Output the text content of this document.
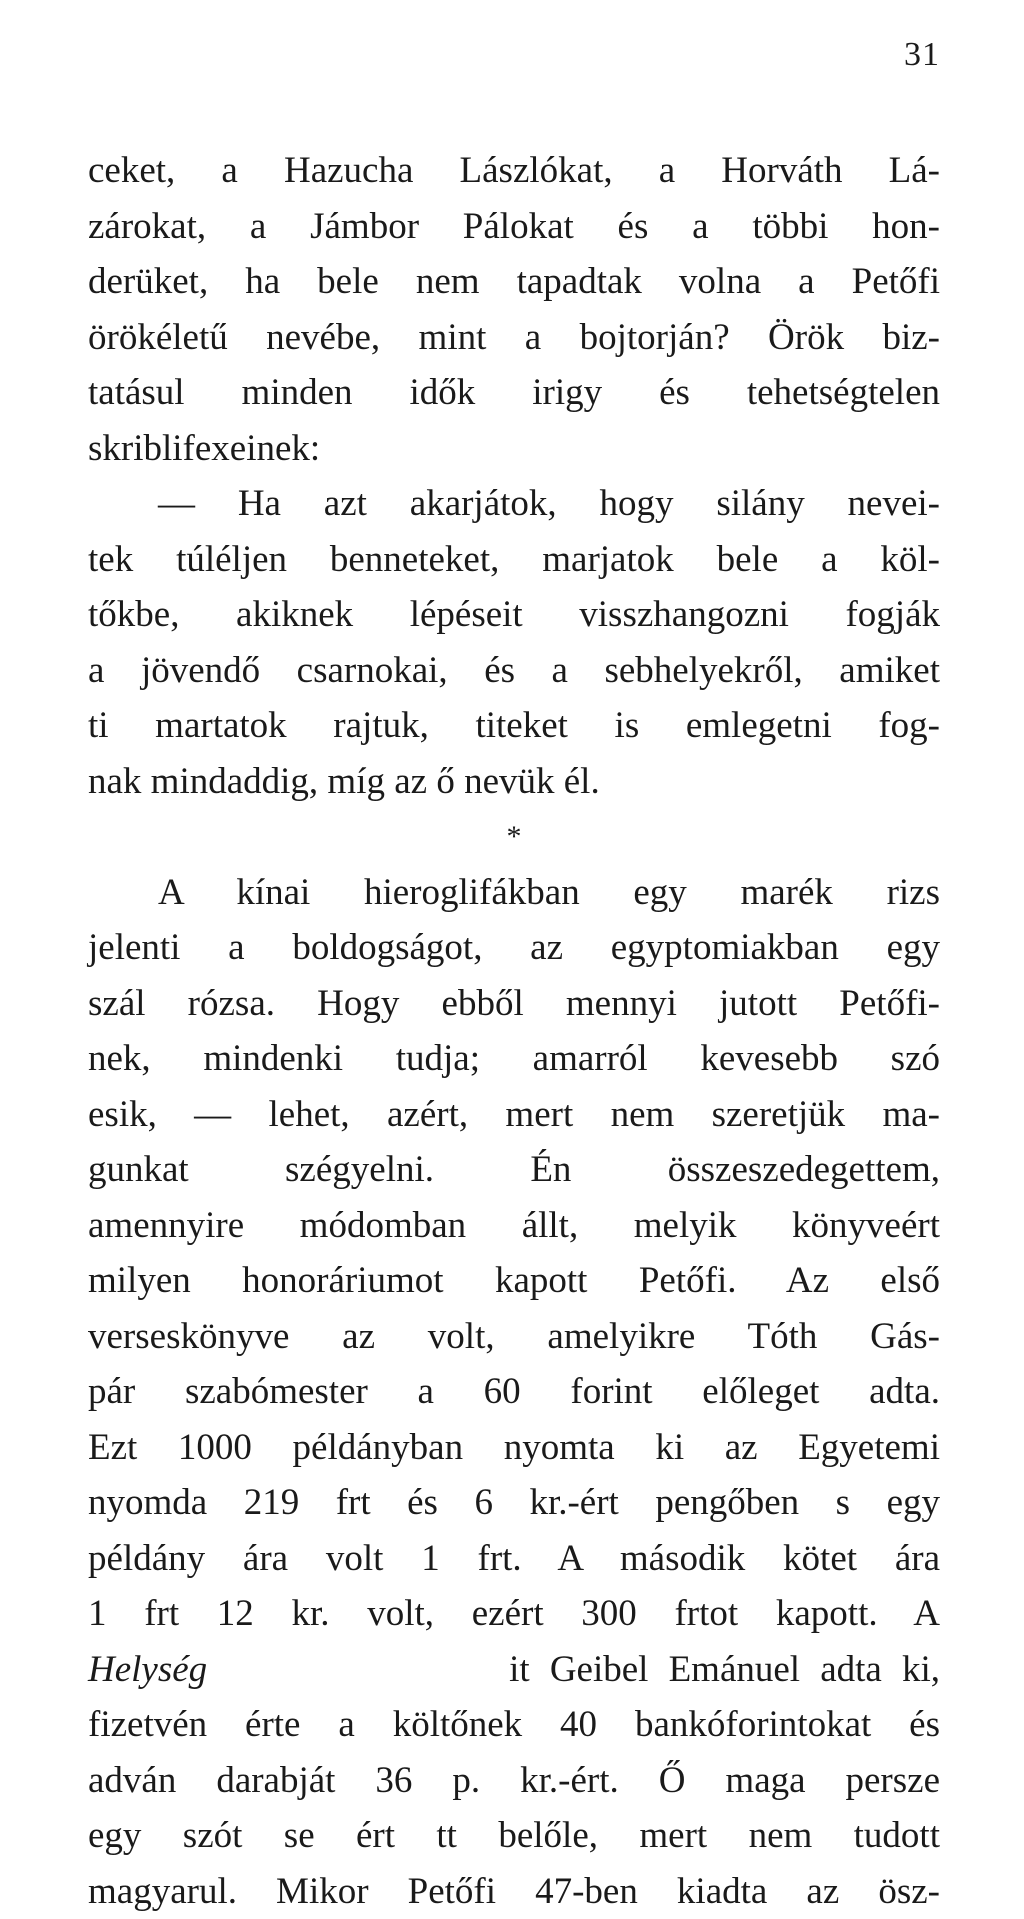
31
ceket, a Hazucha Lászlókat, a Horváth Lá-
zárokat, a Jámbor Pálokat és a többi hon-
derüket, ha bele nem tapadtak volna a Petőfi
örökéletű nevébe, mint a bojtorján? Örök biz-
tatásul minden idők irigy és tehetségtelen
skriblifexeinek:
— Ha azt akarjátok, hogy silány nevei-
tek túléljen benneteket, marjatok bele a köl-
tőkbe, akiknek lépéseit visszhangozni fogják
a jövendő csarnokai, és a sebhelyekről, amiket
ti martatok rajtuk, titeket is emlegetni fog-
nak mindaddig, míg az ő nevük él.
*
A kínai hieroglifákban egy marék rizs
jelenti a boldogságot, az egyptomiakban egy
szál rózsa. Hogy ebből mennyi jutott Petőfi-
nek, mindenki tudja; amarról kevesebb szó
esik, — lehet, azért, mert nem szeretjük ma-
gunkat szégyelni. Én összeszedegettem,
amennyire módomban állt, melyik könyveért
milyen honoráriumot kapott Petőfi. Az első
verseskönyve az volt, amelyikre Tóth Gás-
pár szabómester a 60 forint előleget adta.
Ezt 1000 példányban nyomta ki az Egyetemi
nyomda 219 frt és 6 kr.-ért pengőben s egy
példány ára volt 1 frt. A második kötet ára
1 frt 12 kr. volt, ezért 300 frtot kapott. A
Helység	it Geibel Emánuel adta ki,
fizetvén érte a költőnek 40 bankóforintokat és
adván darabját 36 p. kr.-ért. Ő maga persze
egy szót se ért tt belőle, mert nem tudott
magyarul. Mikor Petőfi 47-ben kiadta az ösz-
